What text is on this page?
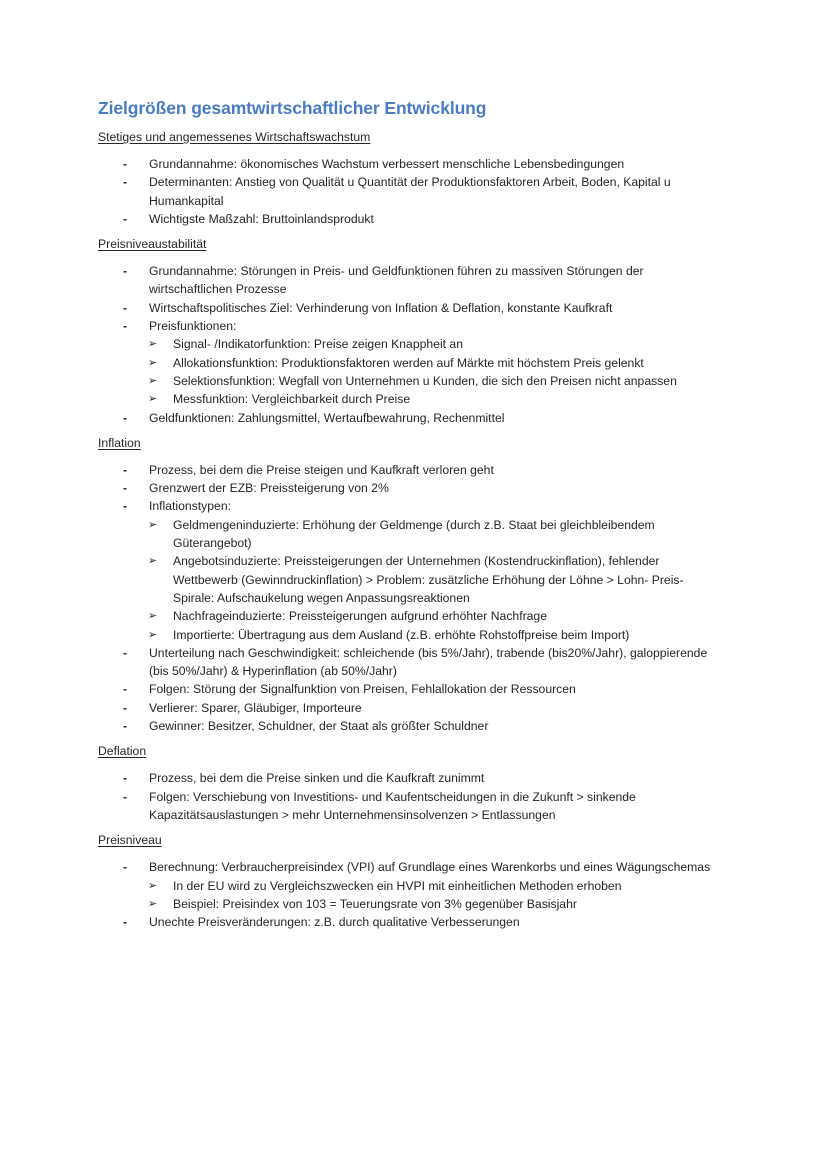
Zielgrößen gesamtwirtschaftlicher Entwicklung

Stetiges und angemessenes Wirtschaftswachstum

- Grundannahme: ökonomisches Wachstum verbessert menschliche Lebensbedingungen
- Determinanten: Anstieg von Qualität u Quantität der Produktionsfaktoren Arbeit, Boden, Kapital u Humankapital
- Wichtigste Maßzahl: Bruttoinlandsprodukt

Preisniveaustabilität

- Grundannahme: Störungen in Preis- und Geldfunktionen führen zu massiven Störungen der wirtschaftlichen Prozesse
- Wirtschaftspolitisches Ziel: Verhinderung von Inflation & Deflation, konstante Kaufkraft
- Preisfunktionen:
➢ Signal- /Indikatorfunktion: Preise zeigen Knappheit an
➢ Allokationsfunktion: Produktionsfaktoren werden auf Märkte mit höchstem Preis gelenkt
➢ Selektionsfunktion: Wegfall von Unternehmen u Kunden, die sich den Preisen nicht anpassen
➢ Messfunktion: Vergleichbarkeit durch Preise
- Geldfunktionen: Zahlungsmittel, Wertaufbewahrung, Rechenmittel

Inflation

- Prozess, bei dem die Preise steigen und Kaufkraft verloren geht
- Grenzwert der EZB: Preissteigerung von 2%
- Inflationstypen:
➢ Geldmengeninduzierte: Erhöhung der Geldmenge (durch z.B. Staat bei gleichbleibendem Güterangebot)
➢ Angebotsinduzierte: Preissteigerungen der Unternehmen (Kostendruckinflation), fehlender Wettbewerb (Gewinndruckinflation) > Problem: zusätzliche Erhöhung der Löhne > Lohn- Preis-Spirale: Aufschaukelung wegen Anpassungsreaktionen
➢ Nachfrageinduzierte: Preissteigerungen aufgrund erhöhter Nachfrage
➢ Importierte: Übertragung aus dem Ausland (z.B. erhöhte Rohstoffpreise beim Import)
- Unterteilung nach Geschwindigkeit: schleichende (bis 5%/Jahr), trabende (bis20%/Jahr), galoppierende (bis 50%/Jahr) & Hyperinflation (ab 50%/Jahr)
- Folgen: Störung der Signalfunktion von Preisen, Fehlallokation der Ressourcen
- Verlierer: Sparer, Gläubiger, Importeure
- Gewinner: Besitzer, Schuldner, der Staat als größter Schuldner

Deflation

- Prozess, bei dem die Preise sinken und die Kaufkraft zunimmt
- Folgen: Verschiebung von Investitions- und Kaufentscheidungen in die Zukunft > sinkende Kapazitätsauslastungen > mehr Unternehmensinsolvenzen > Entlassungen

Preisniveau

- Berechnung: Verbraucherpreisindex (VPI) auf Grundlage eines Warenkorbs und eines Wägungschemas
➢ In der EU wird zu Vergleichszwecken ein HVPI mit einheitlichen Methoden erhoben
➢ Beispiel: Preisindex von 103 = Teuerungsrate von 3% gegenüber Basisjahr
- Unechte Preisveränderungen: z.B. durch qualitative Verbesserungen
